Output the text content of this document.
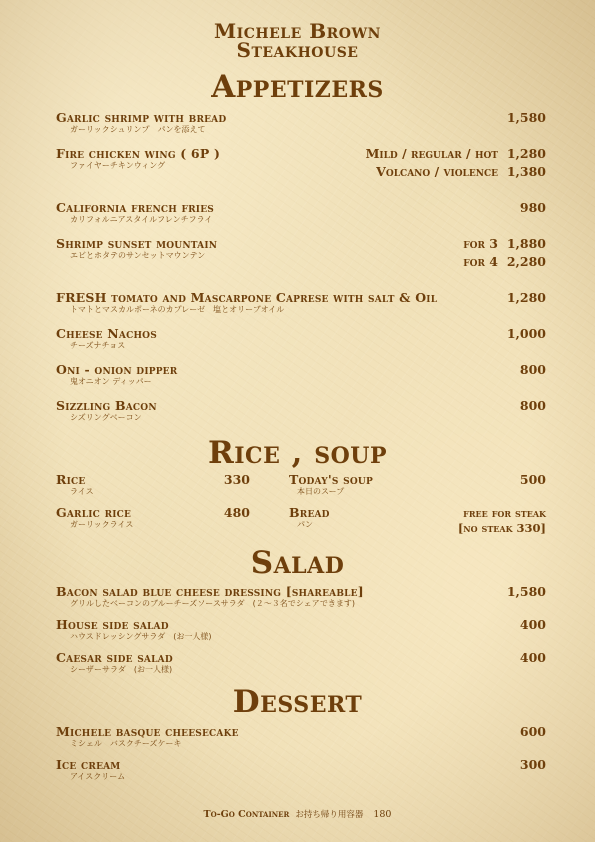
Michele Brown
Steakhouse
Appetizers
Garlic shrimp with bread
ガーリックシュリンプ　パンを添えて
1,580
Fire chicken wing ( 6P )
ファイヤーチキンウィング
Mild / regular / hot 1,280
Volcano / violence 1,380
California french fries
カリフォルニアスタイルフレンチフライ
980
Shrimp sunset mountain
エビとホタテのサンセットマウンテン
for 3 1,880
for 4 2,280
FRESH tomato and Mascarpone Caprese with salt & Oil
トマトとマスカルポーネのカプレーゼ　塩とオリーブオイル
1,280
Cheese Nachos
チーズナチョス
1,000
Oni - onion dipper
鬼オニオン ディッパー
800
Sizzling Bacon
シズリングベーコン
800
Rice , soup
Rice
ライス
330
Garlic rice
ガーリックライス
480
Today's soup
本日のスープ
500
Bread
パン
free for steak
[no steak 330]
Salad
Bacon salad blue cheese dressing [shareable]
グリルしたベーコンのブルーチーズソースサラダ　(２～３名でシェアできます)
1,580
House side salad
ハウスドレッシングサラダ　(お一人様)
400
Caesar side salad
シーザーサラダ　(お一人様)
400
Dessert
Michele basque cheesecake
ミシェル　バスクチーズケーキ
600
Ice cream
アイスクリーム
300
To-Go Container お持ち帰り用容器 180
